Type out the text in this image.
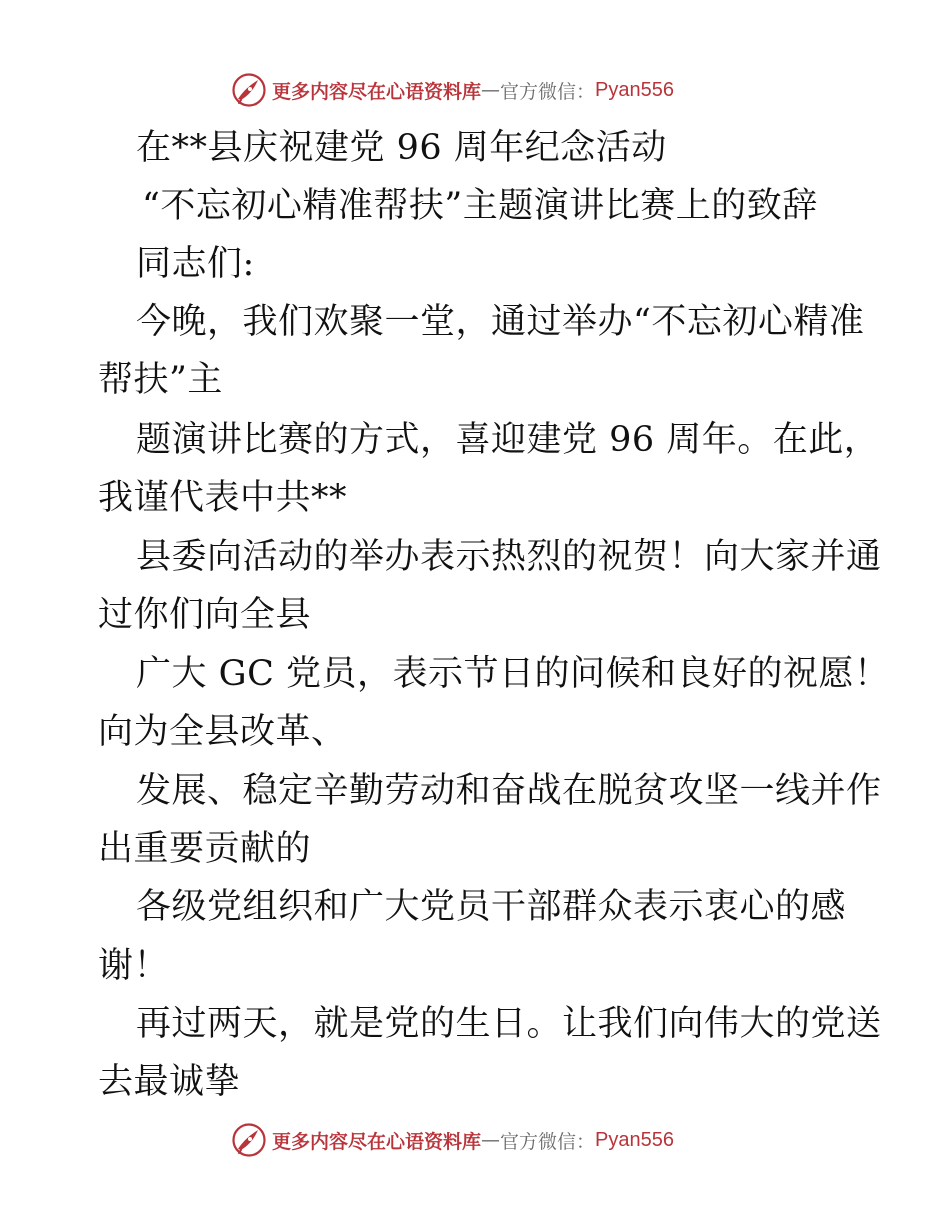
更多内容尽在心语资料库 — 官方微信： Pyan556
在**县庆祝建党 96 周年纪念活动
“不忘初心精准帮扶”主题演讲比赛上的致辞
同志们:
今晚，我们欢聚一堂，通过举办“不忘初心精准
帮扶”主
题演讲比赛的方式，喜迎建党 96 周年。在此，
我谨代表中共**
县委向活动的举办表示热烈的祝贺！向大家并通
过你们向全县
广大 GC 党员，表示节日的问候和良好的祝愿！
向为全县改革、
发展、稳定辛勤劳动和奋战在脱贫攻坚一线并作
出重要贡献的
各级党组织和广大党员干部群众表示衷心的感
谢！
再过两天，就是党的生日。让我们向伟大的党送
去最诚挚
更多内容尽在心语资料库 — 官方微信： Pyan556
